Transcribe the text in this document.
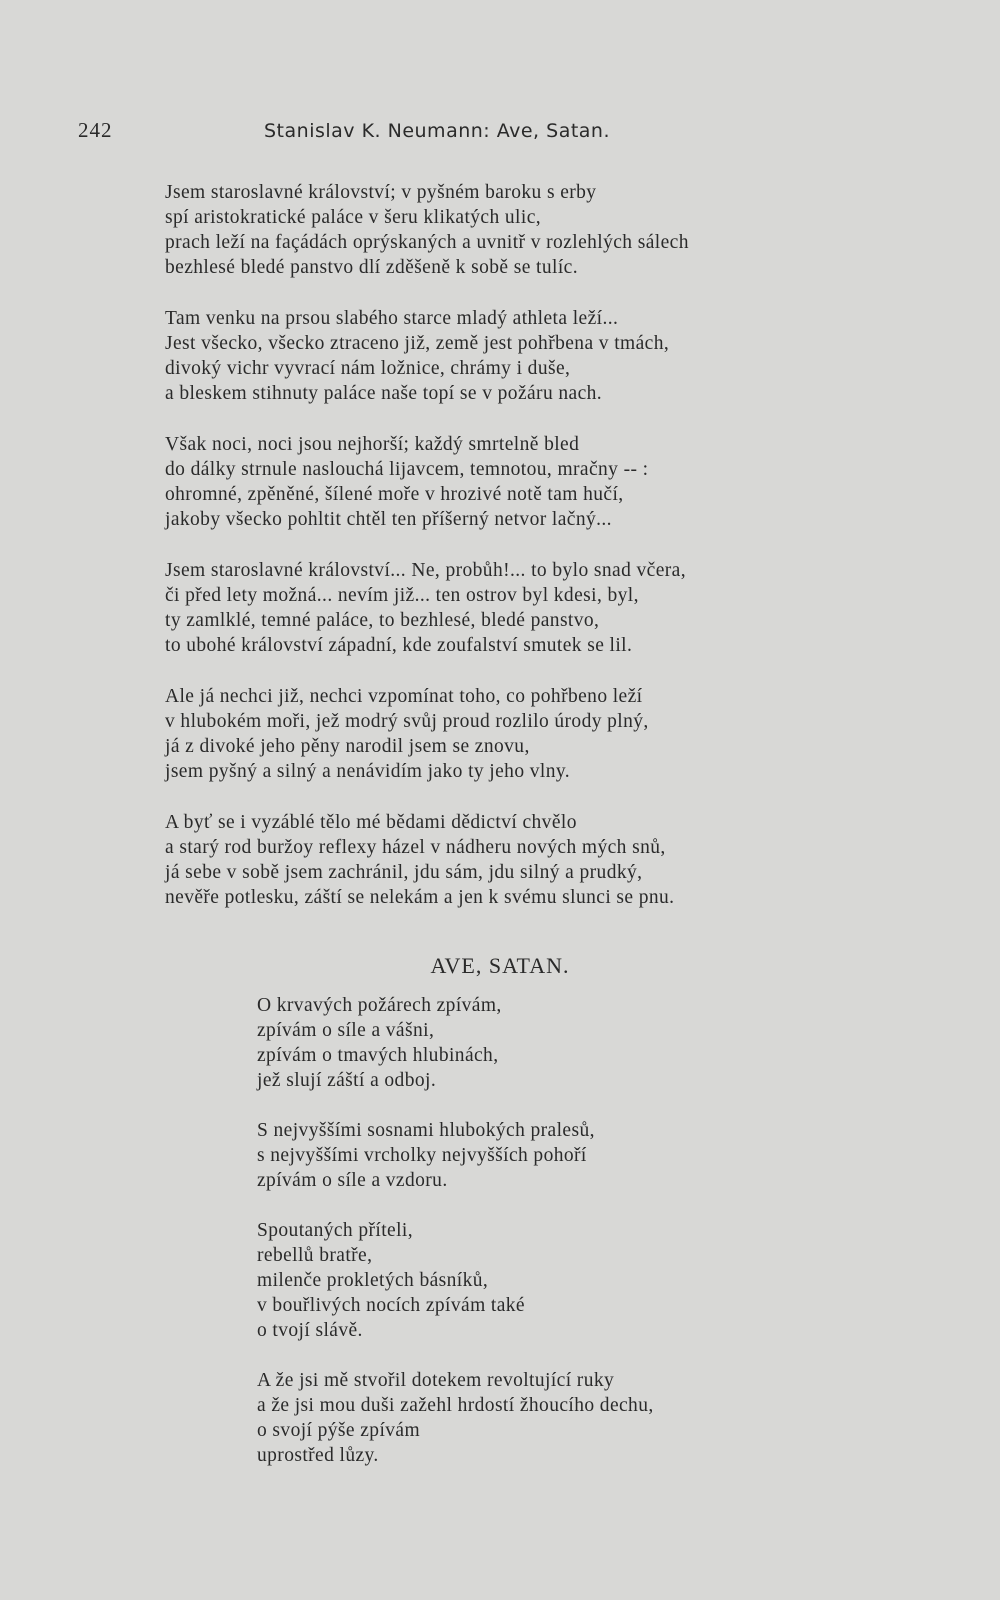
242	Stanislav K. Neumann: Ave, Satan.
Jsem staroslavné království; v pyšném baroku s erby
spí aristokratické paláce v šeru klikatých ulic,
prach leží na façádách oprýskaných a uvnitř v rozlehlých sálech
bezhlesé bledé panstvo dlí zděšeně k sobě se tulíc.
Tam venku na prsou slabého starce mladý athleta leží...
Jest všecko, všecko ztraceno již, země jest pohřbena v tmách,
divoký vichr vyvrací nám ložnice, chrámy i duše,
a bleskem stihnuty paláce naše topí se v požáru nach.
Však noci, noci jsou nejhorší; každý smrtelně bled
do dálky strnule naslouchá lijavcem, temnotou, mračny -- :
ohromné, zpěněné, šílené moře v hrozivé notě tam hučí,
jakoby všecko pohltit chtěl ten příšerný netvor lačný...
Jsem staroslavné království... Ne, probůh!... to bylo snad včera,
či před lety možná... nevím již... ten ostrov byl kdesi, byl,
ty zamlklé, temné paláce, to bezhlesé, bledé panstvo,
to ubohé království západní, kde zoufalství smutek se lil.
Ale já nechci již, nechci vzpomínat toho, co pohřbeno leží
v hlubokém moři, jež modrý svůj proud rozlilo úrody plný,
já z divoké jeho pěny narodil jsem se znovu,
jsem pyšný a silný a nenávidím jako ty jeho vlny.
A byť se i vyzáblé tělo mé bědami dědictví chvělo
a starý rod buržoy reflexy házel v nádheru nových mých snů,
já sebe v sobě jsem zachránil, jdu sám, jdu silný a prudký,
nevěře potlesku, záští se nelekám a jen k svému slunci se pnu.
AVE, SATAN.
O krvavých požárech zpívám,
zpívám o síle a vášni,
zpívám o tmavých hlubinách,
jež slují záští a odboj.
S nejvyššími sosnami hlubokých pralesů,
s nejvyššími vrcholky nejvyšších pohoří
zpívám o síle a vzdoru.
Spoutaných příteli,
rebellů bratře,
milenče prokletých básníků,
v bouřlivých nocích zpívám také
o tvojí slávě.
A že jsi mě stvořil dotekem revoltující ruky
a že jsi mou duši zažehl hrdostí žhoucího dechu,
o svojí pýše zpívám
uprostřed lůzy.
